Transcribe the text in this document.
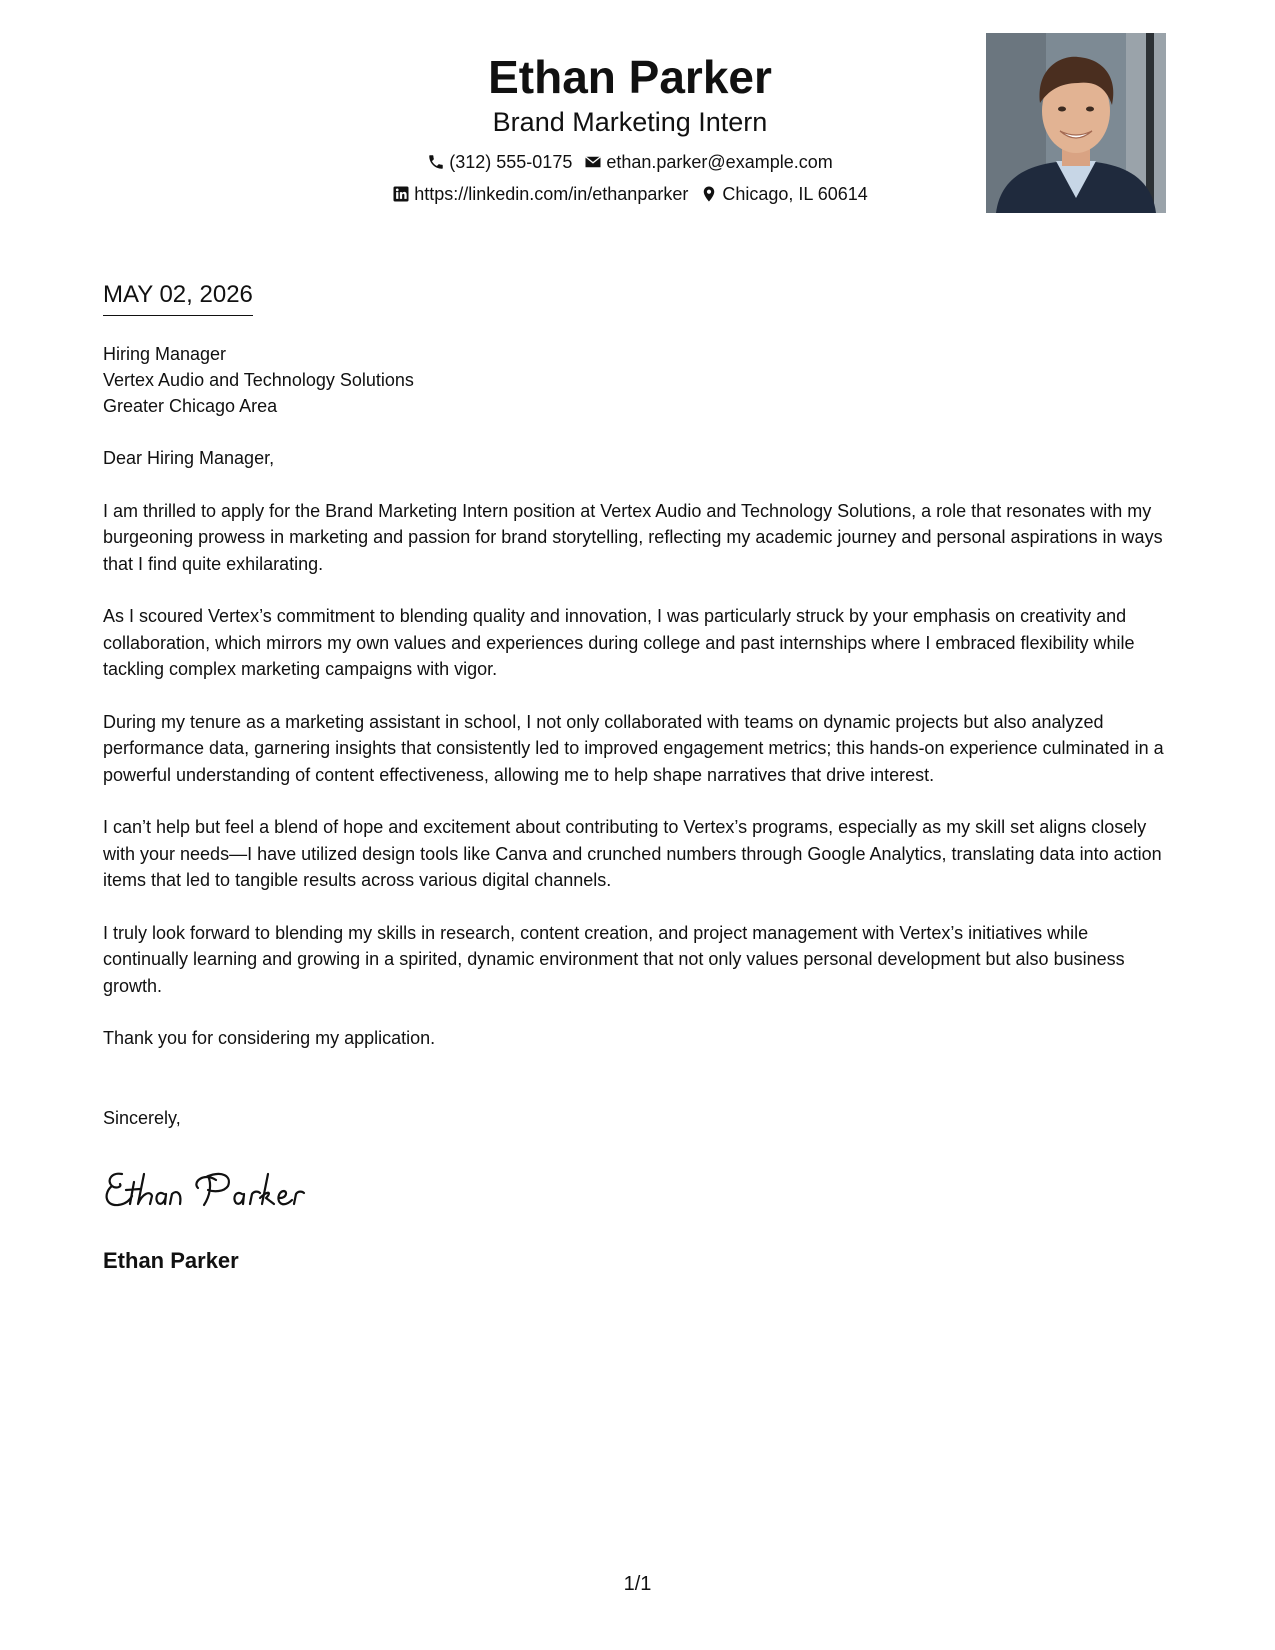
Ethan Parker
Brand Marketing Intern
(312) 555-0175 ethan.parker@example.com
https://linkedin.com/in/ethanparker Chicago, IL 60614
MAY 02, 2026
Hiring Manager
Vertex Audio and Technology Solutions
Greater Chicago Area

Dear Hiring Manager,

I am thrilled to apply for the Brand Marketing Intern position at Vertex Audio and Technology Solutions, a role that resonates with my burgeoning prowess in marketing and passion for brand storytelling, reflecting my academic journey and personal aspirations in ways that I find quite exhilarating.

As I scoured Vertex’s commitment to blending quality and innovation, I was particularly struck by your emphasis on creativity and collaboration, which mirrors my own values and experiences during college and past internships where I embraced flexibility while tackling complex marketing campaigns with vigor.

During my tenure as a marketing assistant in school, I not only collaborated with teams on dynamic projects but also analyzed performance data, garnering insights that consistently led to improved engagement metrics; this hands-on experience culminated in a powerful understanding of content effectiveness, allowing me to help shape narratives that drive interest.

I can’t help but feel a blend of hope and excitement about contributing to Vertex’s programs, especially as my skill set aligns closely with your needs—I have utilized design tools like Canva and crunched numbers through Google Analytics, translating data into action items that led to tangible results across various digital channels.

I truly look forward to blending my skills in research, content creation, and project management with Vertex’s initiatives while continually learning and growing in a spirited, dynamic environment that not only values personal development but also business growth.

Thank you for considering my application.

Sincerely,
Ethan Parker
1/1
